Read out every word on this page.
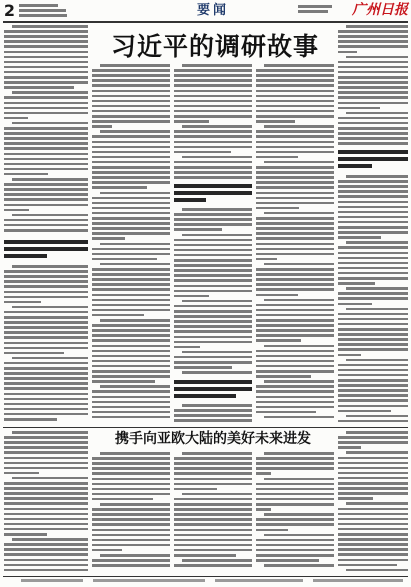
2	要闻	广州日报
习近平的调研故事
携手向亚欧大陆的美好未来进发
